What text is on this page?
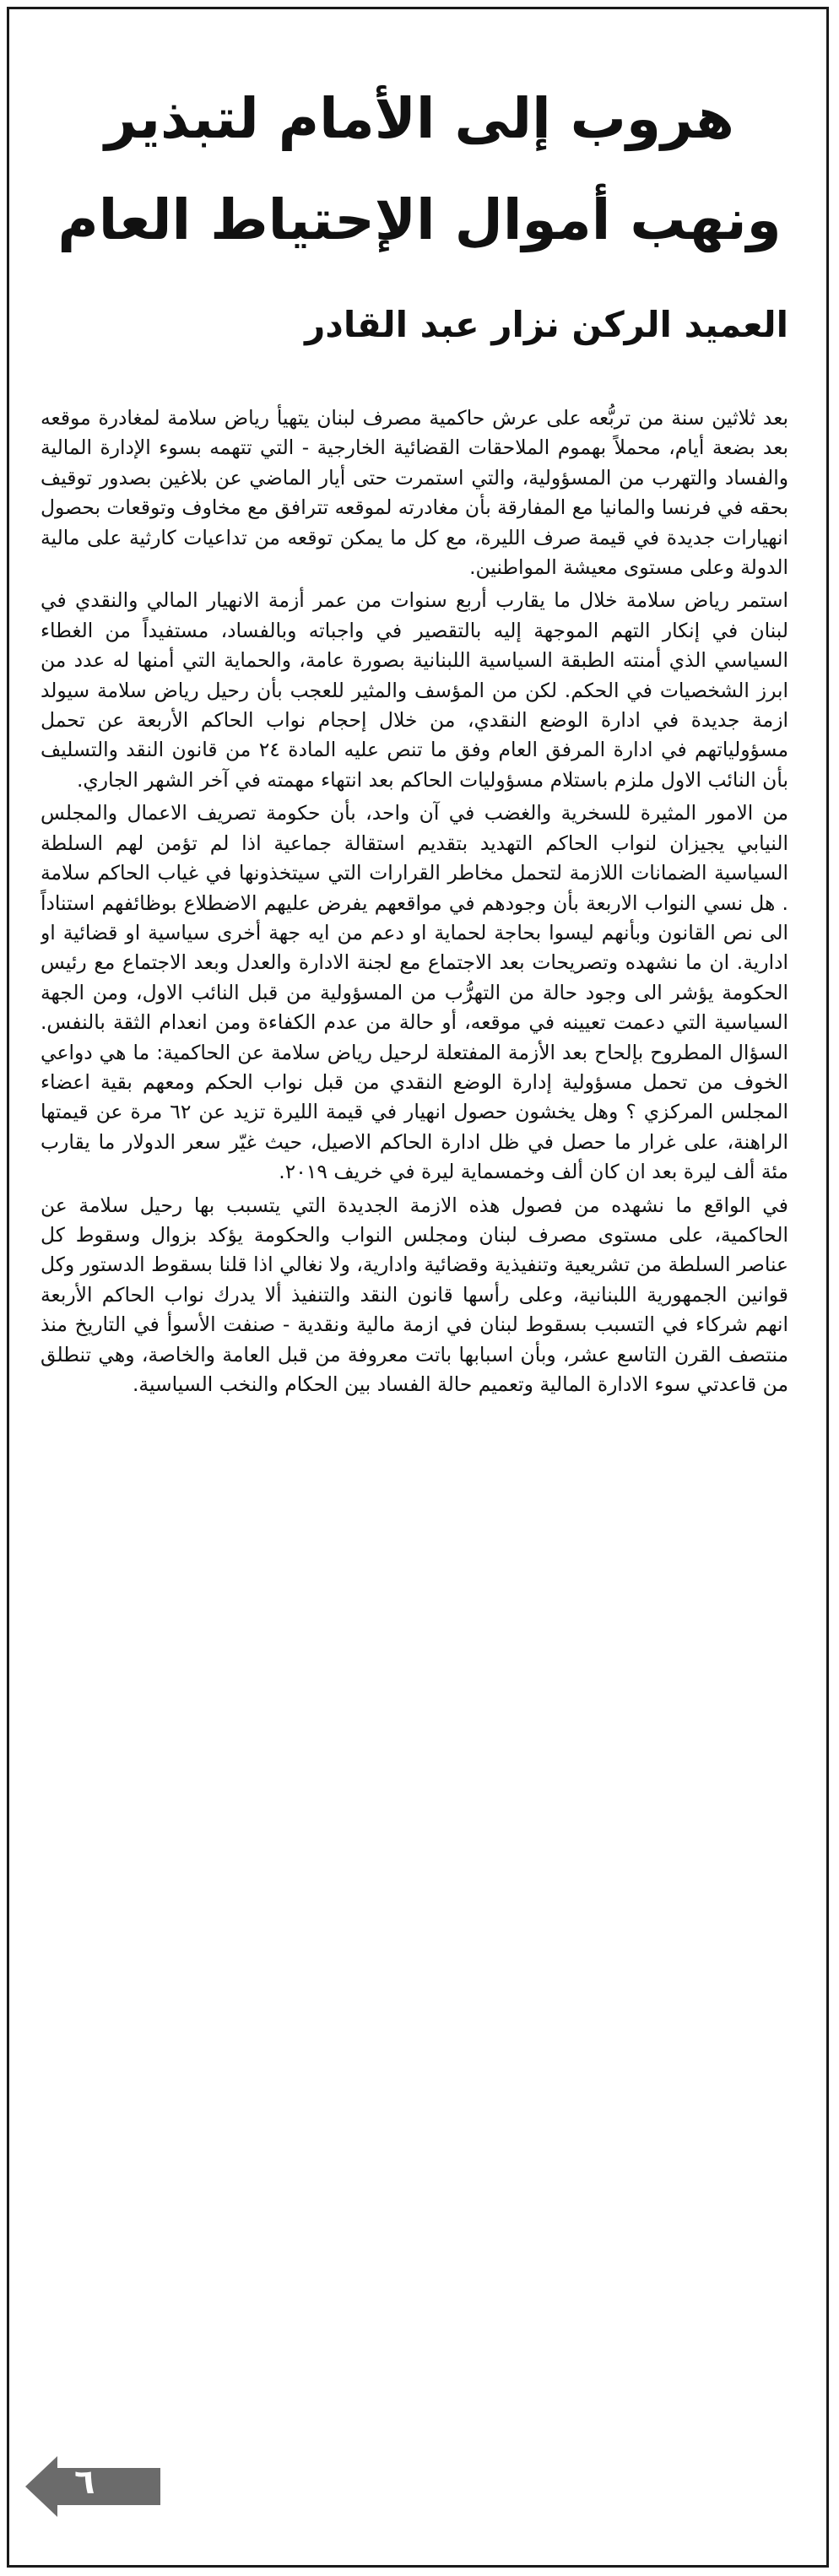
هروب إلى الأمام لتبذير
ونهب أموال الإحتياط العام
العميد الركن نزار عبد القادر

بعد ثلاثين سنة من تربُّعه على عرش حاكمية مصرف لبنان يتهيأ رياض سلامة لمغادرة موقعه بعد بضعة أيام، محملاً بهموم الملاحقات القضائية الخارجية - التي تتهمه بسوء الإدارة المالية والفساد والتهرب من المسؤولية، والتي استمرت حتى أيار الماضي عن بلاغين بصدور توقيف بحقه في فرنسا والمانيا مع المفارقة بأن مغادرته لموقعه تترافق مع مخاوف وتوقعات بحصول انهيارات جديدة في قيمة صرف الليرة، مع كل ما يمكن توقعه من تداعيات كارثية على مالية الدولة وعلى مستوى معيشة المواطنين.

استمر رياض سلامة خلال ما يقارب أربع سنوات من عمر أزمة الانهيار المالي والنقدي في لبنان في إنكار التهم الموجهة إليه بالتقصير في واجباته وبالفساد، مستفيداً من الغطاء السياسي الذي أمنته الطبقة السياسية اللبنانية بصورة عامة، والحماية التي أمنها له عدد من ابرز الشخصيات في الحكم. لكن من المؤسف والمثير للعجب بأن رحيل رياض سلامة سيولد ازمة جديدة في ادارة الوضع النقدي، من خلال إحجام نواب الحاكم الأربعة عن تحمل مسؤولياتهم في ادارة المرفق العام وفق ما تنص عليه المادة ٢٤ من قانون النقد والتسليف بأن النائب الاول ملزم باستلام مسؤوليات الحاكم بعد انتهاء مهمته في آخر الشهر الجاري.

من الامور المثيرة للسخرية والغضب في آن واحد، بأن حكومة تصريف الاعمال والمجلس النيابي يجيزان لنواب الحاكم التهديد بتقديم استقالة جماعية اذا لم تؤمن لهم السلطة السياسية الضمانات اللازمة لتحمل مخاطر القرارات التي سيتخذونها في غياب الحاكم سلامة . هل نسي النواب الاربعة بأن وجودهم في مواقعهم يفرض عليهم الاضطلاع بوظائفهم استناداً الى نص القانون وبأنهم ليسوا بحاجة لحماية او دعم من ايه جهة أخرى سياسية او قضائية او ادارية. ان ما نشهده وتصريحات بعد الاجتماع مع لجنة الادارة والعدل وبعد الاجتماع مع رئيس الحكومة يؤشر الى وجود حالة من التهرُّب من المسؤولية من قبل النائب الاول، ومن الجهة السياسية التي دعمت تعيينه في موقعه، أو حالة من عدم الكفاءة ومن انعدام الثقة بالنفس. السؤال المطروح بإلحاح بعد الأزمة المفتعلة لرحيل رياض سلامة عن الحاكمية: ما هي دواعي الخوف من تحمل مسؤولية إدارة الوضع النقدي من قبل نواب الحكم ومعهم بقية اعضاء المجلس المركزي ؟ وهل يخشون حصول انهيار في قيمة الليرة تزيد عن ٦٢ مرة عن قيمتها الراهنة، على غرار ما حصل في ظل ادارة الحاكم الاصيل، حيث غيّر سعر الدولار ما يقارب مئة ألف ليرة بعد ان كان ألف وخمسماية ليرة في خريف ٢٠١٩.

في الواقع ما نشهده من فصول هذه الازمة الجديدة التي يتسبب بها رحيل سلامة عن الحاكمية، على مستوى مصرف لبنان ومجلس النواب والحكومة يؤكد بزوال وسقوط كل عناصر السلطة من تشريعية وتنفيذية وقضائية وادارية، ولا نغالي اذا قلنا بسقوط الدستور وكل قوانين الجمهورية اللبنانية، وعلى رأسها قانون النقد والتنفيذ ألا يدرك نواب الحاكم الأربعة انهم شركاء في التسبب بسقوط لبنان في ازمة مالية ونقدية - صنفت الأسوأ في التاريخ منذ منتصف القرن التاسع عشر، وبأن اسبابها باتت معروفة من قبل العامة والخاصة، وهي تنطلق من قاعدتي سوء الادارة المالية وتعميم حالة الفساد بين الحكام والنخب السياسية.

٦
